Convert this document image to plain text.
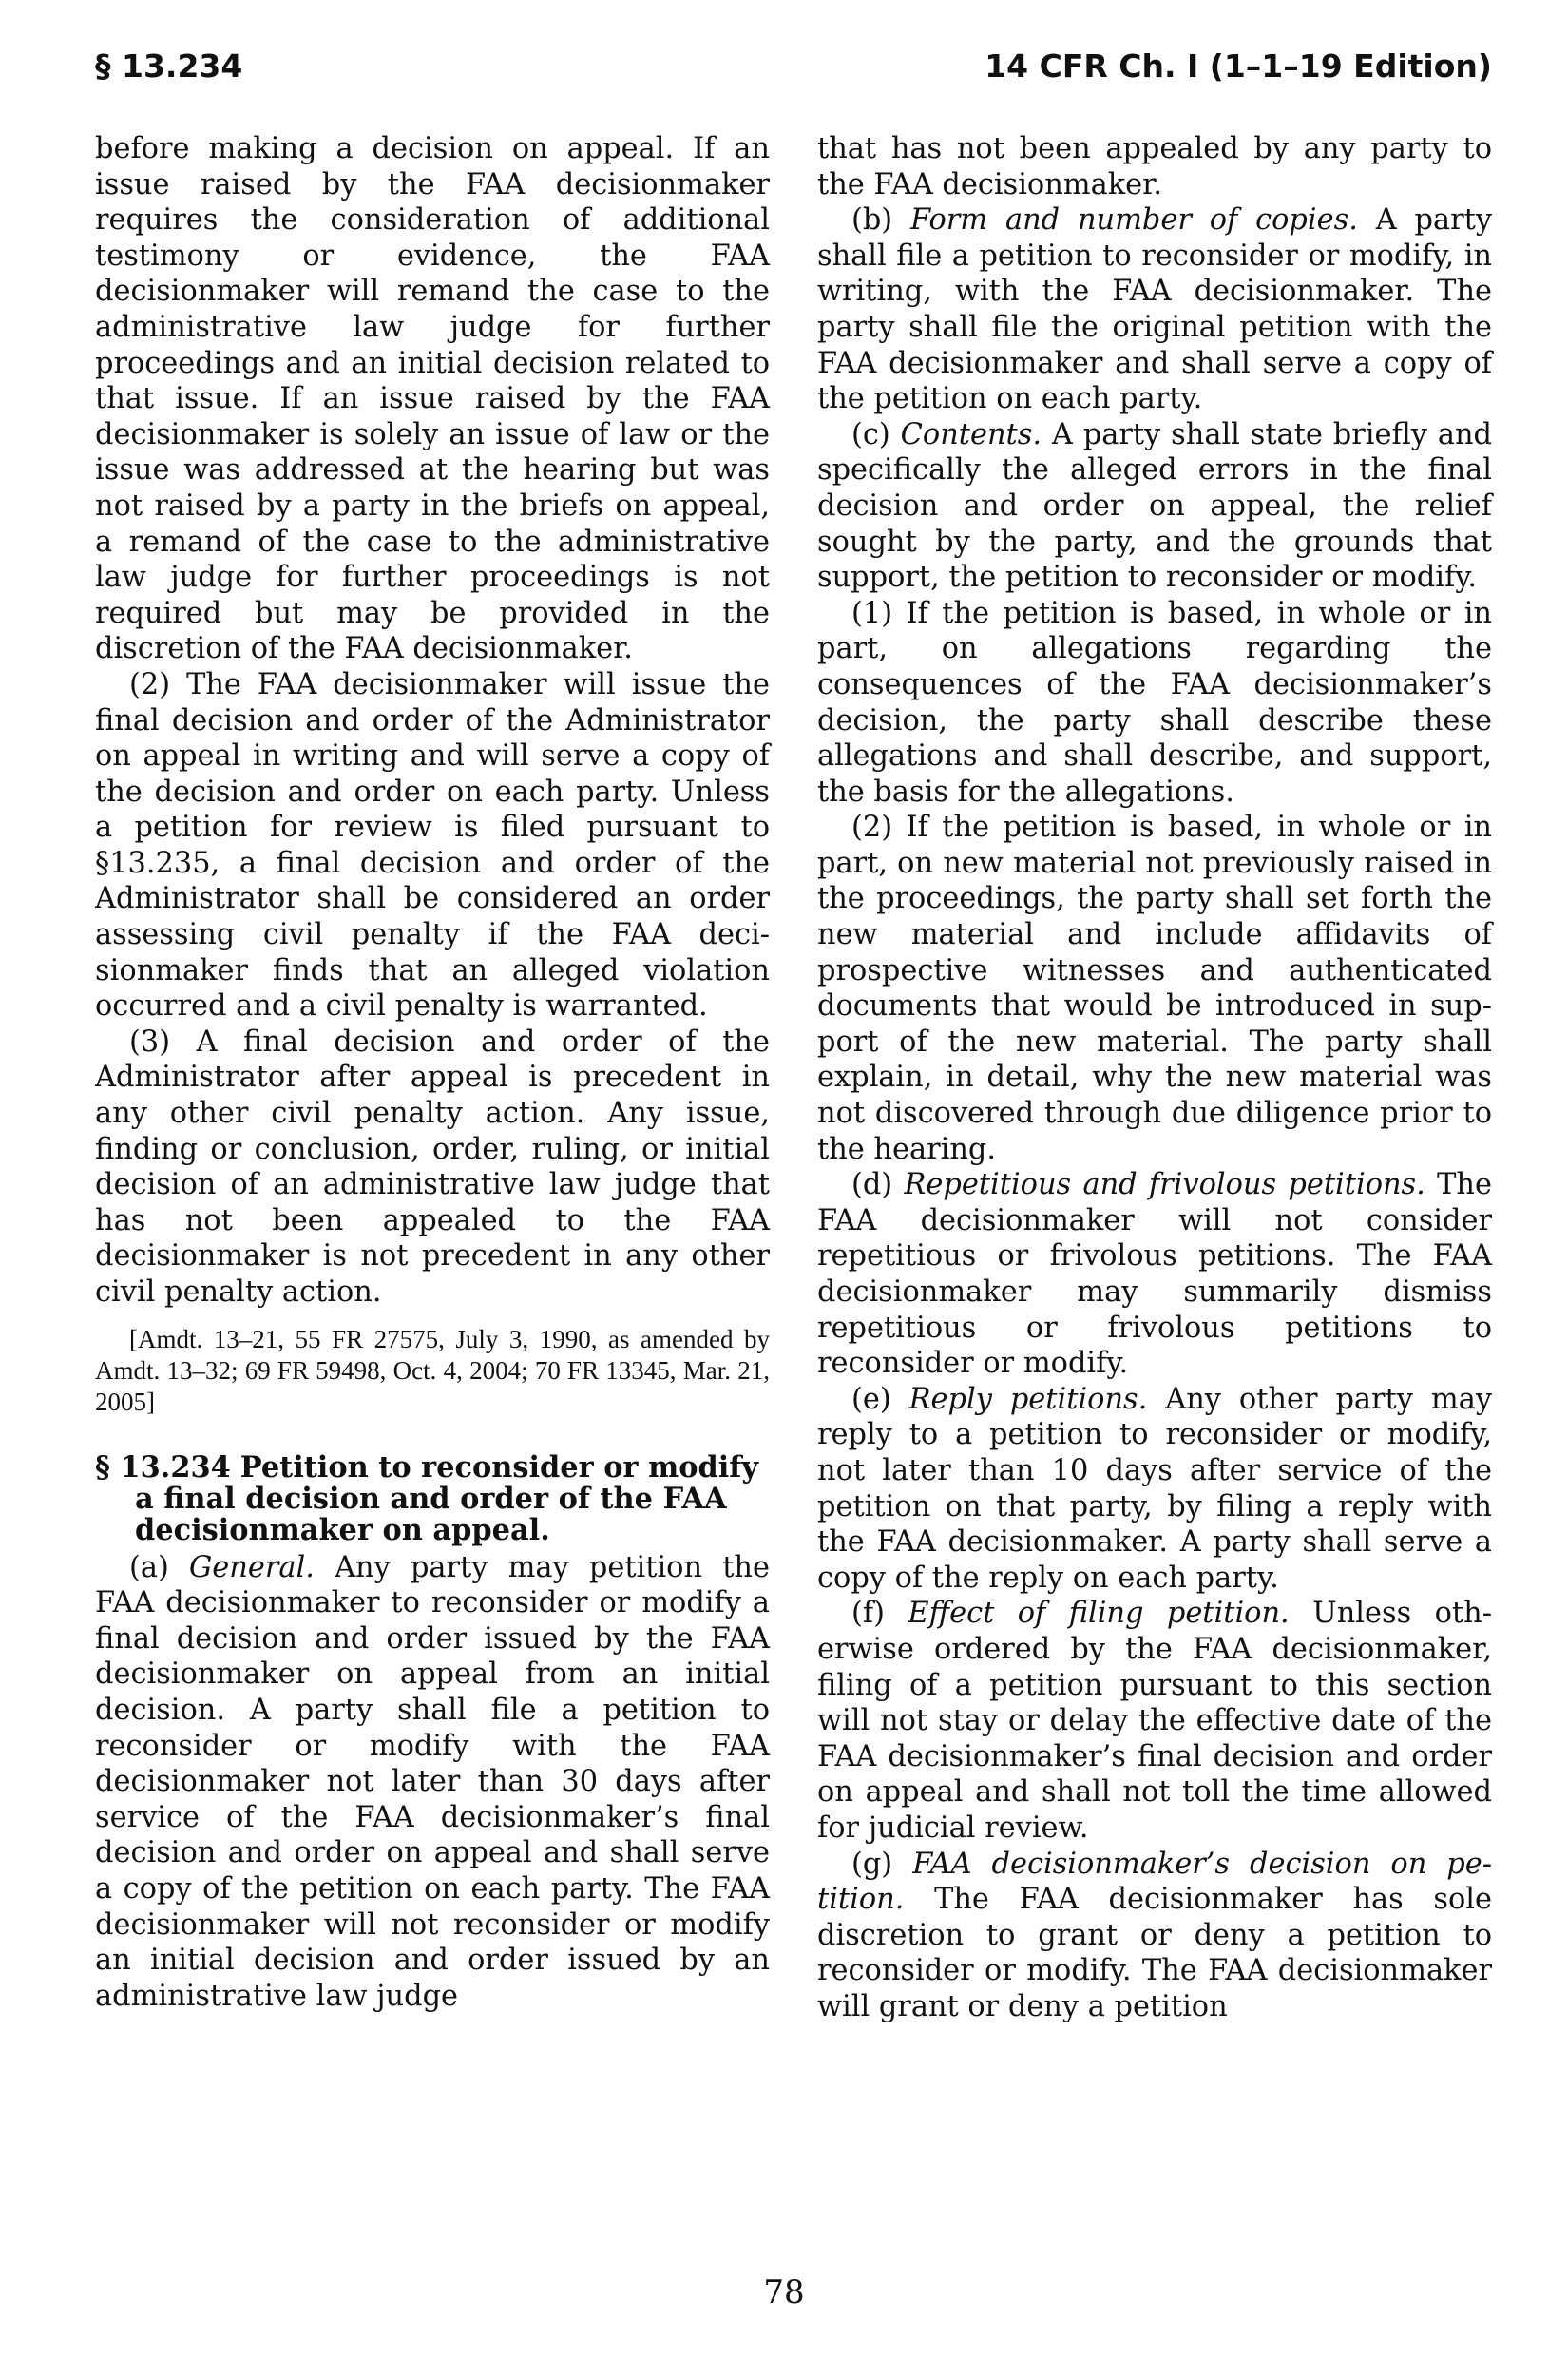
§ 13.234	14 CFR Ch. I (1–1–19 Edition)

before making a decision on appeal. If an issue raised by the FAA decisionmaker requires the consideration of additional testimony or evidence, the FAA decisionmaker will remand the case to the administrative law judge for further proceedings and an initial decision related to that issue. If an issue raised by the FAA decisionmaker is solely an issue of law or the issue was addressed at the hearing but was not raised by a party in the briefs on appeal, a remand of the case to the administrative law judge for further proceedings is not required but may be provided in the discretion of the FAA decisionmaker.

(2) The FAA decisionmaker will issue the final decision and order of the Administrator on appeal in writing and will serve a copy of the decision and order on each party. Unless a petition for review is filed pursuant to §13.235, a final decision and order of the Administrator shall be considered an order assessing civil penalty if the FAA decisionmaker finds that an alleged violation occurred and a civil penalty is warranted.

(3) A final decision and order of the Administrator after appeal is precedent in any other civil penalty action. Any issue, finding or conclusion, order, ruling, or initial decision of an administrative law judge that has not been appealed to the FAA decisionmaker is not precedent in any other civil penalty action.

[Amdt. 13–21, 55 FR 27575, July 3, 1990, as amended by Amdt. 13–32; 69 FR 59498, Oct. 4, 2004; 70 FR 13345, Mar. 21, 2005]

§ 13.234 Petition to reconsider or modify a final decision and order of the FAA decisionmaker on appeal.

(a) General. Any party may petition the FAA decisionmaker to reconsider or modify a final decision and order issued by the FAA decisionmaker on appeal from an initial decision. A party shall file a petition to reconsider or modify with the FAA decisionmaker not later than 30 days after service of the FAA decisionmaker’s final decision and order on appeal and shall serve a copy of the petition on each party. The FAA decisionmaker will not reconsider or modify an initial decision and order issued by an administrative law judge

that has not been appealed by any party to the FAA decisionmaker.

(b) Form and number of copies. A party shall file a petition to reconsider or modify, in writing, with the FAA decisionmaker. The party shall file the original petition with the FAA decisionmaker and shall serve a copy of the petition on each party.

(c) Contents. A party shall state briefly and specifically the alleged errors in the final decision and order on appeal, the relief sought by the party, and the grounds that support, the petition to reconsider or modify.

(1) If the petition is based, in whole or in part, on allegations regarding the consequences of the FAA decisionmaker’s decision, the party shall describe these allegations and shall describe, and support, the basis for the allegations.

(2) If the petition is based, in whole or in part, on new material not previously raised in the proceedings, the party shall set forth the new material and include affidavits of prospective witnesses and authenticated documents that would be introduced in support of the new material. The party shall explain, in detail, why the new material was not discovered through due diligence prior to the hearing.

(d) Repetitious and frivolous petitions. The FAA decisionmaker will not consider repetitious or frivolous petitions. The FAA decisionmaker may summarily dismiss repetitious or frivolous petitions to reconsider or modify.

(e) Reply petitions. Any other party may reply to a petition to reconsider or modify, not later than 10 days after service of the petition on that party, by filing a reply with the FAA decisionmaker. A party shall serve a copy of the reply on each party.

(f) Effect of filing petition. Unless otherwise ordered by the FAA decisionmaker, filing of a petition pursuant to this section will not stay or delay the effective date of the FAA decisionmaker’s final decision and order on appeal and shall not toll the time allowed for judicial review.

(g) FAA decisionmaker’s decision on petition. The FAA decisionmaker has sole discretion to grant or deny a petition to reconsider or modify. The FAA decisionmaker will grant or deny a petition

78
